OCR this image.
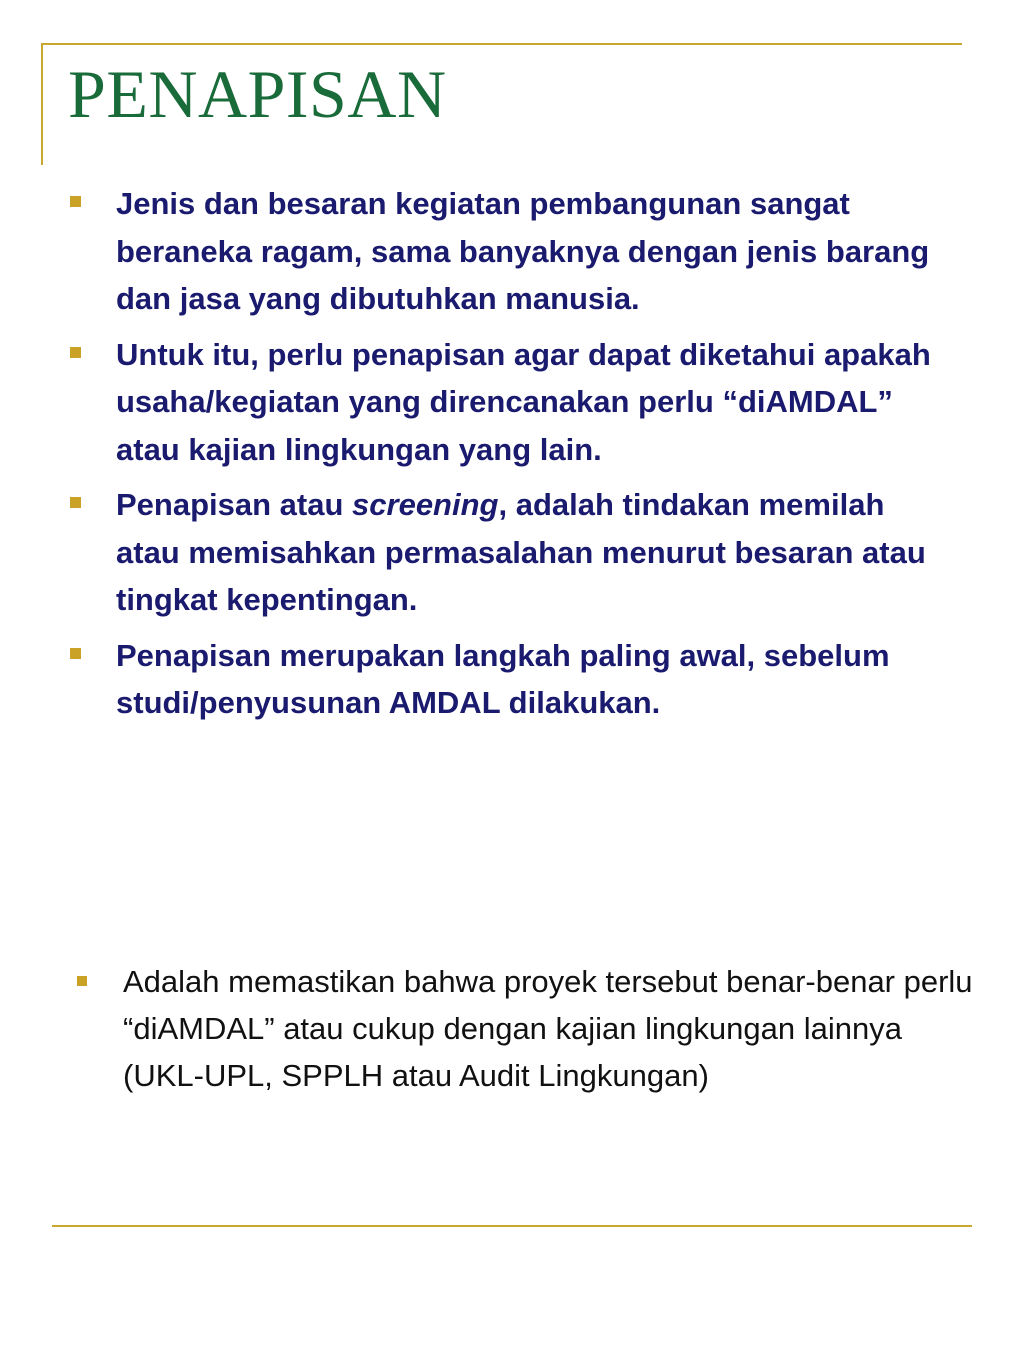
PENAPISAN
Jenis dan besaran kegiatan pembangunan sangat beraneka ragam, sama banyaknya dengan jenis barang dan jasa yang dibutuhkan manusia.
Untuk itu, perlu penapisan agar dapat diketahui apakah usaha/kegiatan yang direncanakan perlu “diAMDAL” atau kajian lingkungan yang lain.
Penapisan atau screening, adalah tindakan memilah atau memisahkan permasalahan menurut besaran atau tingkat kepentingan.
Penapisan merupakan langkah paling awal, sebelum studi/penyusunan AMDAL dilakukan.
Adalah memastikan bahwa proyek tersebut benar-benar perlu “diAMDAL” atau cukup dengan kajian lingkungan lainnya (UKL-UPL, SPPLH atau Audit Lingkungan)
